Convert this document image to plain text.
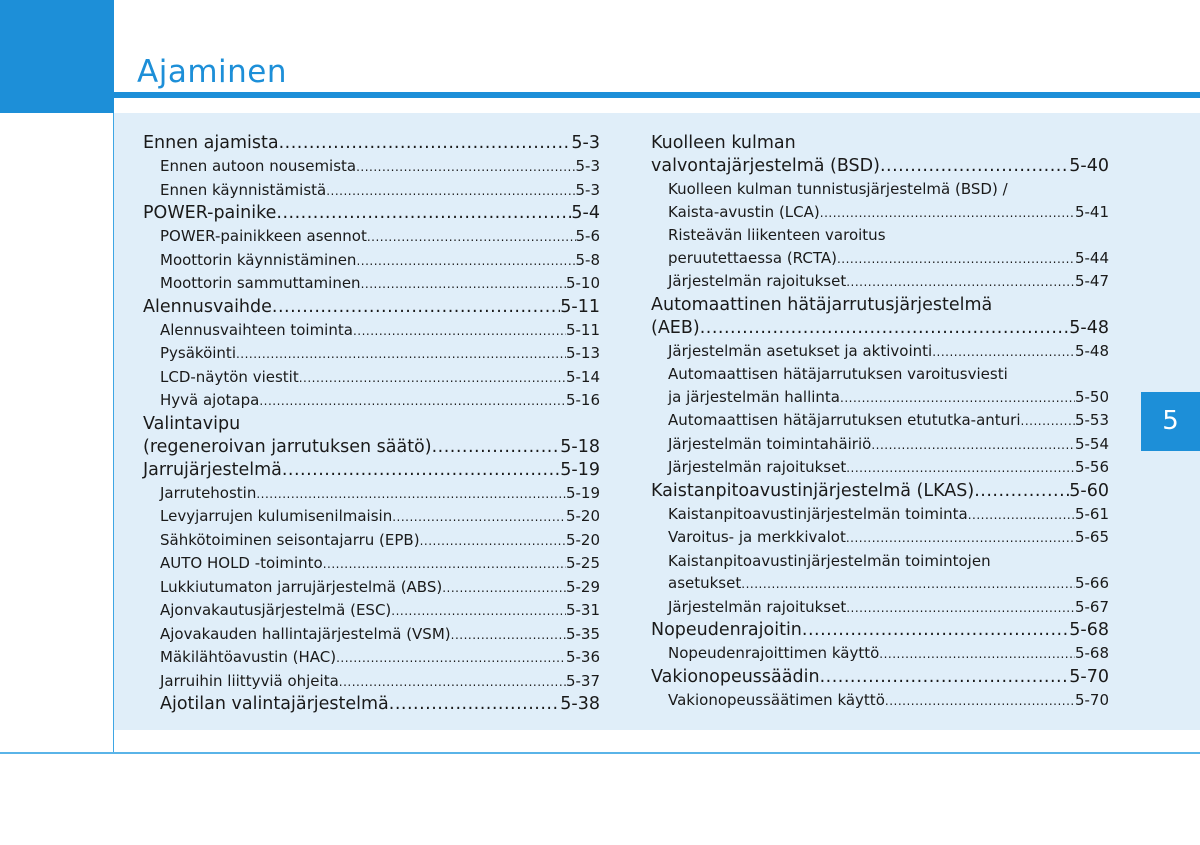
Ajaminen
5
Ennen ajamista .....	5-3
Ennen autoon nousemista .....	5-3
Ennen käynnistämistä .....	5-3
POWER-painike .....	5-4
POWER-painikkeen asennot .....	5-6
Moottorin käynnistäminen .....	5-8
Moottorin sammuttaminen .....	5-10
Alennusvaihde .....	5-11
Alennusvaihteen toiminta .....	5-11
Pysäköinti .....	5-13
LCD-näytön viestit .....	5-14
Hyvä ajotapa .....	5-16
Valintavipu
(regeneroivan jarrutuksen säätö) .....	5-18
Jarrujärjestelmä .....	5-19
Jarrutehostin .....	5-19
Levyjarrujen kulumisenilmaisin .....	5-20
Sähkötoiminen seisontajarru (EPB) .....	5-20
AUTO HOLD -toiminto .....	5-25
Lukkiutumaton jarrujärjestelmä (ABS) .....	5-29
Ajonvakautusjärjestelmä (ESC) .....	5-31
Ajovakauden hallintajärjestelmä (VSM) .....	5-35
Mäkilähtöavustin (HAC) .....	5-36
Jarruihin liittyviä ohjeita .....	5-37
Ajotilan valintajärjestelmä .....	5-38
Kuolleen kulman
valvontajärjestelmä (BSD) .....	5-40
Kuolleen kulman tunnistusjärjestelmä (BSD) /
Kaista-avustin (LCA) .....	5-41
Risteävän liikenteen varoitus
peruutettaessa (RCTA) .....	5-44
Järjestelmän rajoitukset .....	5-47
Automaattinen hätäjarrutusjärjestelmä
(AEB) .....	5-48
Järjestelmän asetukset ja aktivointi .....	5-48
Automaattisen hätäjarrutuksen varoitusviesti
ja järjestelmän hallinta .....	5-50
Automaattisen hätäjarrutuksen etututka-anturi .....	5-53
Järjestelmän toimintahäiriö .....	5-54
Järjestelmän rajoitukset .....	5-56
Kaistanpitoavustinjärjestelmä (LKAS) .....	5-60
Kaistanpitoavustinjärjestelmän toiminta .....	5-61
Varoitus- ja merkkivalot .....	5-65
Kaistanpitoavustinjärjestelmän toimintojen
asetukset .....	5-66
Järjestelmän rajoitukset .....	5-67
Nopeudenrajoitin .....	5-68
Nopeudenrajoittimen käyttö .....	5-68
Vakionopeussäädin .....	5-70
Vakionopeussäätimen käyttö .....	5-70
